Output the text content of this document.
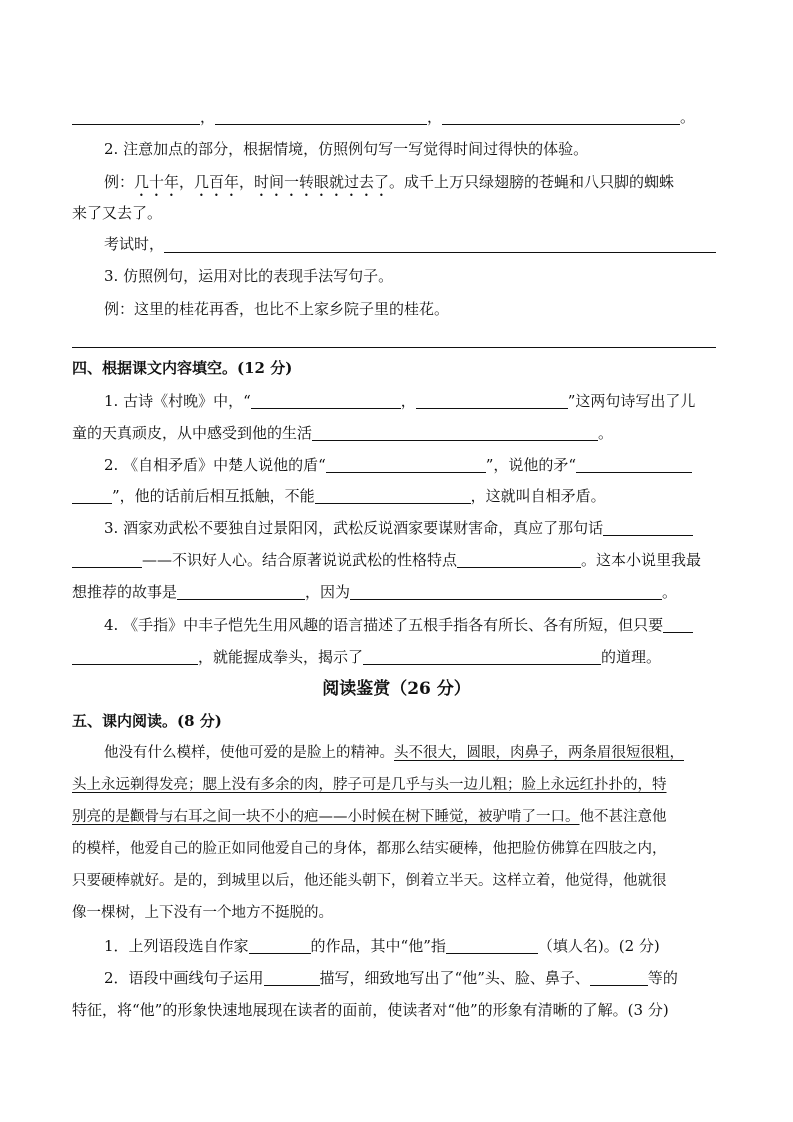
，	，	。
2. 注意加点的部分，根据情境，仿照例句写一写觉得时间过得快的体验。
例：几十年，几百年，时间一转眼就过去了。成千上万只绿翅膀的苍蝇和八只脚的蜘蛛
来了又去了。
考试时，
3. 仿照例句，运用对比的表现手法写句子。
例：这里的桂花再香，也比不上家乡院子里的桂花。
四、根据课文内容填空。(12 分)
1. 古诗《村晚》中，“	，	”这两句诗写出了儿
童的天真顽皮，从中感受到他的生活	。
2. 《自相矛盾》中楚人说他的盾“	”，说他的矛“
”，他的话前后相互抵触，不能	，这就叫自相矛盾。
3. 酒家劝武松不要独自过景阳冈，武松反说酒家要谋财害命，真应了那句话
——不识好人心。结合原著说说武松的性格特点	。这本小说里我最
想推荐的故事是	，因为	。
4. 《手指》中丰子恺先生用风趣的语言描述了五根手指各有所长、各有所短，但只要
，就能握成拳头，揭示了	的道理。
阅读鉴赏（26 分）
五、课内阅读。(8 分)
他没有什么模样，使他可爱的是脸上的精神。头不很大，圆眼，肉鼻子，两条眉很短很粗，
头上永远剃得发亮；腮上没有多余的肉，脖子可是几乎与头一边儿粗；脸上永远红扑扑的，特
别亮的是颧骨与右耳之间一块不小的疤——小时候在树下睡觉，被驴啃了一口。他不甚注意他
的模样，他爱自己的脸正如同他爱自己的身体，都那么结实硬棒，他把脸仿佛算在四肢之内，
只要硬棒就好。是的，到城里以后，他还能头朝下，倒着立半天。这样立着，他觉得，他就很
像一棵树，上下没有一个地方不挺脱的。
1．上列语段选自作家	的作品，其中“他”指	（填人名)。(2 分)
2．语段中画线句子运用	描写，细致地写出了“他”头、脸、鼻子、	等的
特征，将“他”的形象快速地展现在读者的面前，使读者对“他”的形象有清晰的了解。(3 分)
